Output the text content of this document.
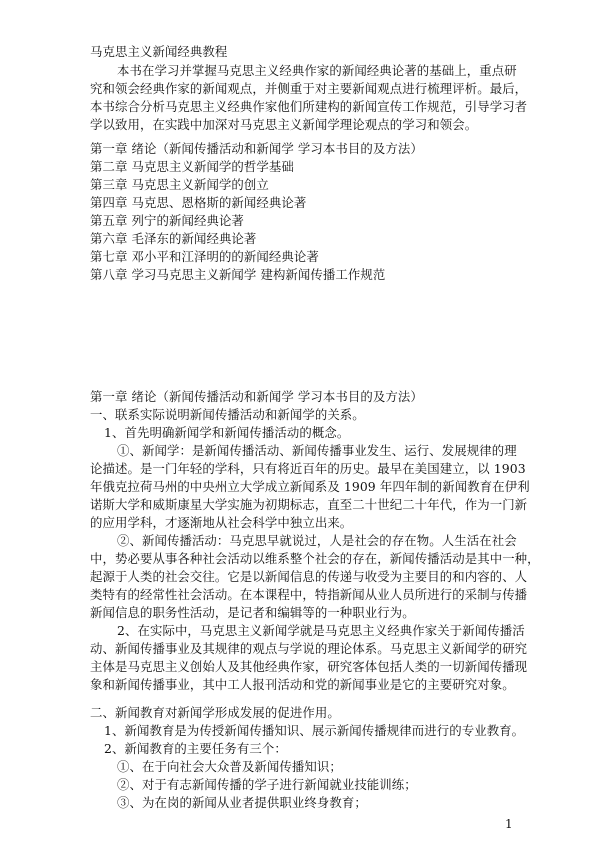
马克思主义新闻经典教程
本书在学习并掌握马克思主义经典作家的新闻经典论著的基础上，重点研
究和领会经典作家的新闻观点，并侧重于对主要新闻观点进行梳理评析。最后，
本书综合分析马克思主义经典作家他们所建构的新闻宣传工作规范，引导学习者
学以致用，在实践中加深对马克思主义新闻学理论观点的学习和领会。
第一章 绪论（新闻传播活动和新闻学 学习本书目的及方法）
第二章 马克思主义新闻学的哲学基础
第三章 马克思主义新闻学的创立
第四章 马克思、恩格斯的新闻经典论著
第五章 列宁的新闻经典论著
第六章 毛泽东的新闻经典论著
第七章 邓小平和江泽明的的新闻经典论著
第八章 学习马克思主义新闻学 建构新闻传播工作规范
第一章 绪论（新闻传播活动和新闻学 学习本书目的及方法）
一、联系实际说明新闻传播活动和新闻学的关系。
1、首先明确新闻学和新闻传播活动的概念。
①、新闻学：是新闻传播活动、新闻传播事业发生、运行、发展规律的理
论描述。是一门年轻的学科，只有将近百年的历史。最早在美国建立，以 1903
年俄克拉荷马州的中央州立大学成立新闻系及 1909 年四年制的新闻教育在伊利
诺斯大学和威斯康星大学实施为初期标志，直至二十世纪二十年代，作为一门新
的应用学科，才逐渐地从社会科学中独立出来。
②、新闻传播活动：马克思早就说过，人是社会的存在物。人生活在社会
中，势必要从事各种社会活动以维系整个社会的存在，新闻传播活动是其中一种，
起源于人类的社会交往。它是以新闻信息的传递与收受为主要目的和内容的、人
类特有的经常性社会活动。在本课程中，特指新闻从业人员所进行的采制与传播
新闻信息的职务性活动，是记者和编辑等的一种职业行为。
2、在实际中，马克思主义新闻学就是马克思主义经典作家关于新闻传播活
动、新闻传播事业及其规律的观点与学说的理论体系。马克思主义新闻学的研究
主体是马克思主义创始人及其他经典作家，研究客体包括人类的一切新闻传播现
象和新闻传播事业，其中工人报刊活动和党的新闻事业是它的主要研究对象。
二、新闻教育对新闻学形成发展的促进作用。
1、新闻教育是为传授新闻传播知识、展示新闻传播规律而进行的专业教育。
2、新闻教育的主要任务有三个：
①、在于向社会大众普及新闻传播知识；
②、对于有志新闻传播的学子进行新闻就业技能训练；
③、为在岗的新闻从业者提供职业终身教育；
1
